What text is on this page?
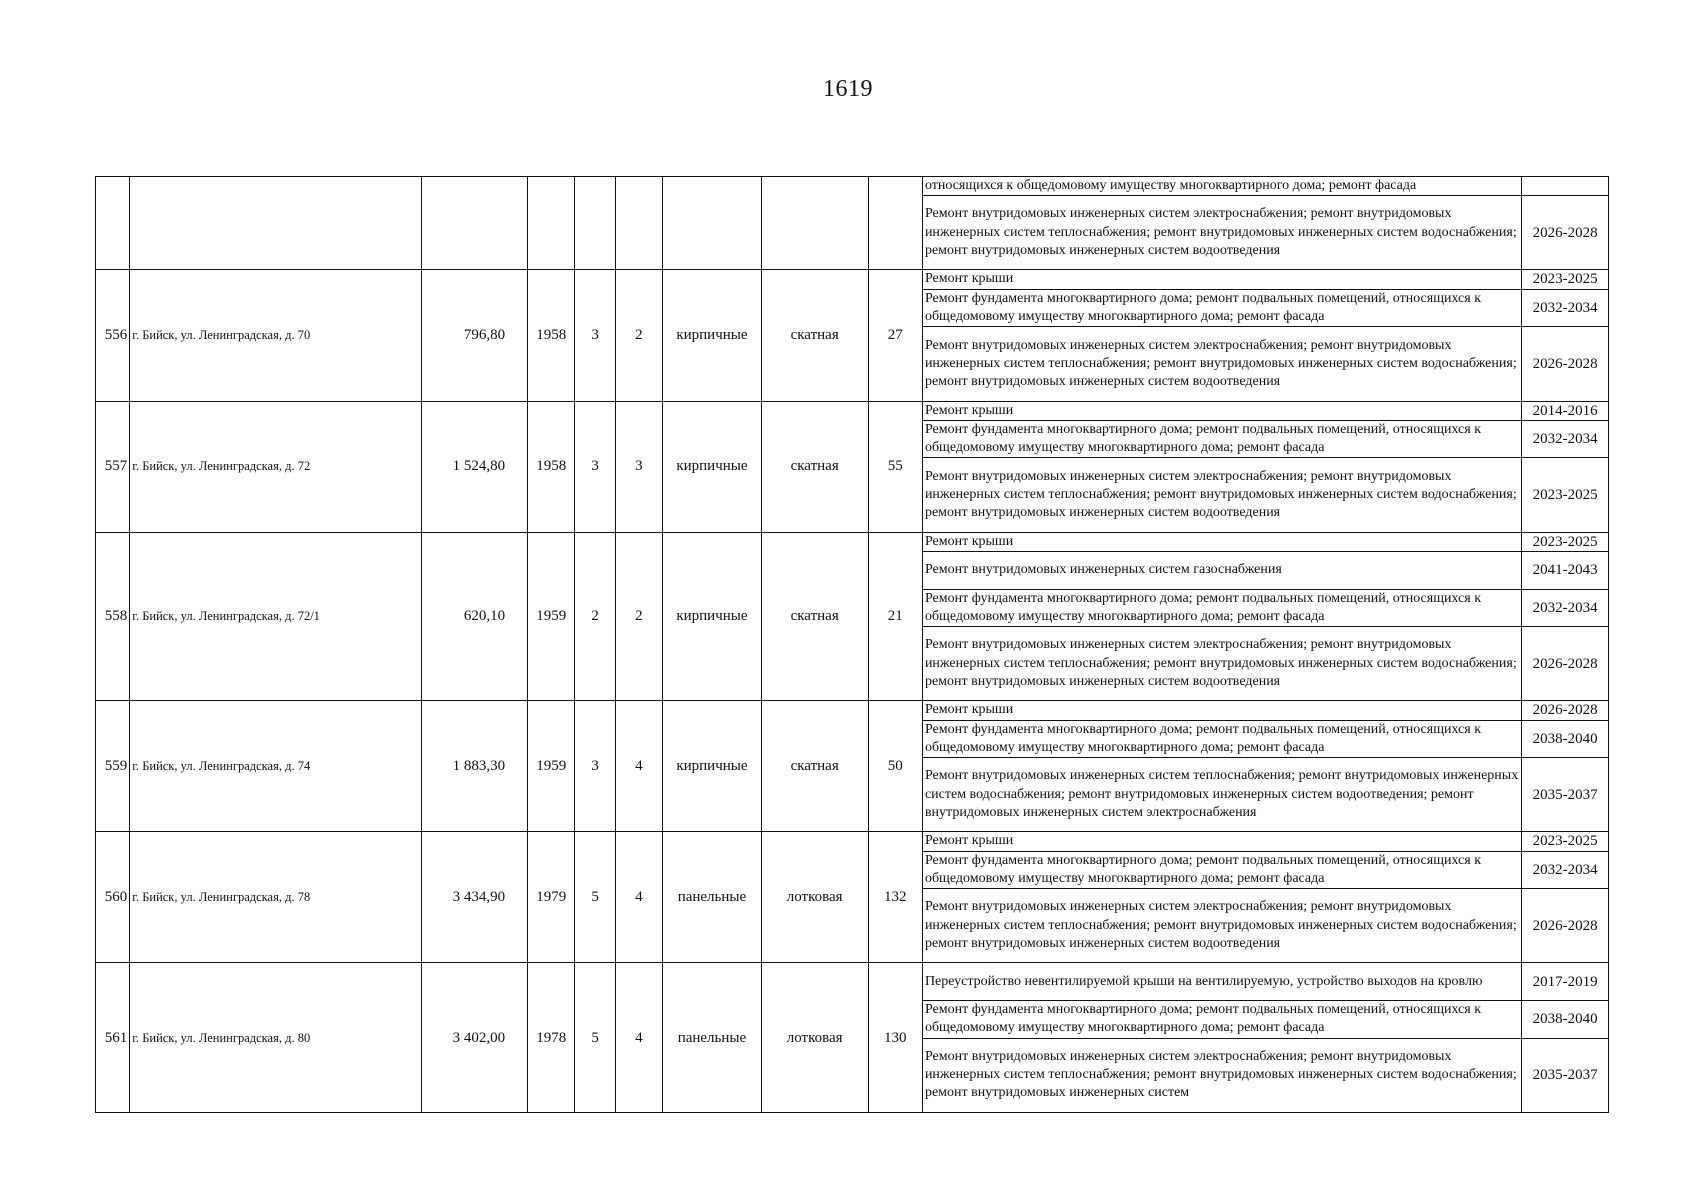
1619
									относящихся к общедомовому имуществу многоквартирного дома; ремонт фасада	
									Ремонт внутридомовых инженерных систем электроснабжения; ремонт внутридомовых инженерных систем теплоснабжения; ремонт внутридомовых инженерных систем водоснабжения; ремонт внутридомовых инженерных систем водоотведения	2026-2028
556	г. Бийск, ул. Ленинградская, д. 70	796,80	1958	3	2	кирпичные	скатная	27	Ремонт крыши	2023-2025
									Ремонт фундамента многоквартирного дома; ремонт подвальных помещений, относящихся к общедомовому имуществу многоквартирного дома; ремонт фасада	2032-2034
									Ремонт внутридомовых инженерных систем электроснабжения; ремонт внутридомовых инженерных систем теплоснабжения; ремонт внутридомовых инженерных систем водоснабжения; ремонт внутридомовых инженерных систем водоотведения	2026-2028
557	г. Бийск, ул. Ленинградская, д. 72	1 524,80	1958	3	3	кирпичные	скатная	55	Ремонт крыши	2014-2016
									Ремонт фундамента многоквартирного дома; ремонт подвальных помещений, относящихся к общедомовому имуществу многоквартирного дома; ремонт фасада	2032-2034
									Ремонт внутридомовых инженерных систем электроснабжения; ремонт внутридомовых инженерных систем теплоснабжения; ремонт внутридомовых инженерных систем водоснабжения; ремонт внутридомовых инженерных систем водоотведения	2023-2025
558	г. Бийск, ул. Ленинградская, д. 72/1	620,10	1959	2	2	кирпичные	скатная	21	Ремонт крыши	2023-2025
									Ремонт внутридомовых инженерных систем газоснабжения	2041-2043
									Ремонт фундамента многоквартирного дома; ремонт подвальных помещений, относящихся к общедомовому имуществу многоквартирного дома; ремонт фасада	2032-2034
									Ремонт внутридомовых инженерных систем электроснабжения; ремонт внутридомовых инженерных систем теплоснабжения; ремонт внутридомовых инженерных систем водоснабжения; ремонт внутридомовых инженерных систем водоотведения	2026-2028
559	г. Бийск, ул. Ленинградская, д. 74	1 883,30	1959	3	4	кирпичные	скатная	50	Ремонт крыши	2026-2028
									Ремонт фундамента многоквартирного дома; ремонт подвальных помещений, относящихся к общедомовому имуществу многоквартирного дома; ремонт фасада	2038-2040
									Ремонт внутридомовых инженерных систем теплоснабжения; ремонт внутридомовых инженерных систем водоснабжения; ремонт внутридомовых инженерных систем водоотведения; ремонт внутридомовых инженерных систем электроснабжения	2035-2037
560	г. Бийск, ул. Ленинградская, д. 78	3 434,90	1979	5	4	панельные	лотковая	132	Ремонт крыши	2023-2025
									Ремонт фундамента многоквартирного дома; ремонт подвальных помещений, относящихся к общедомовому имуществу многоквартирного дома; ремонт фасада	2032-2034
									Ремонт внутридомовых инженерных систем электроснабжения; ремонт внутридомовых инженерных систем теплоснабжения; ремонт внутридомовых инженерных систем водоснабжения; ремонт внутридомовых инженерных систем водоотведения	2026-2028
561	г. Бийск, ул. Ленинградская, д. 80	3 402,00	1978	5	4	панельные	лотковая	130	Переустройство невентилируемой крыши на вентилируемую, устройство выходов на кровлю	2017-2019
									Ремонт фундамента многоквартирного дома; ремонт подвальных помещений, относящихся к общедомовому имуществу многоквартирного дома; ремонт фасада	2038-2040
									Ремонт внутридомовых инженерных систем электроснабжения; ремонт внутридомовых инженерных систем теплоснабжения; ремонт внутридомовых инженерных систем водоснабжения; ремонт внутридомовых инженерных систем	2035-2037
